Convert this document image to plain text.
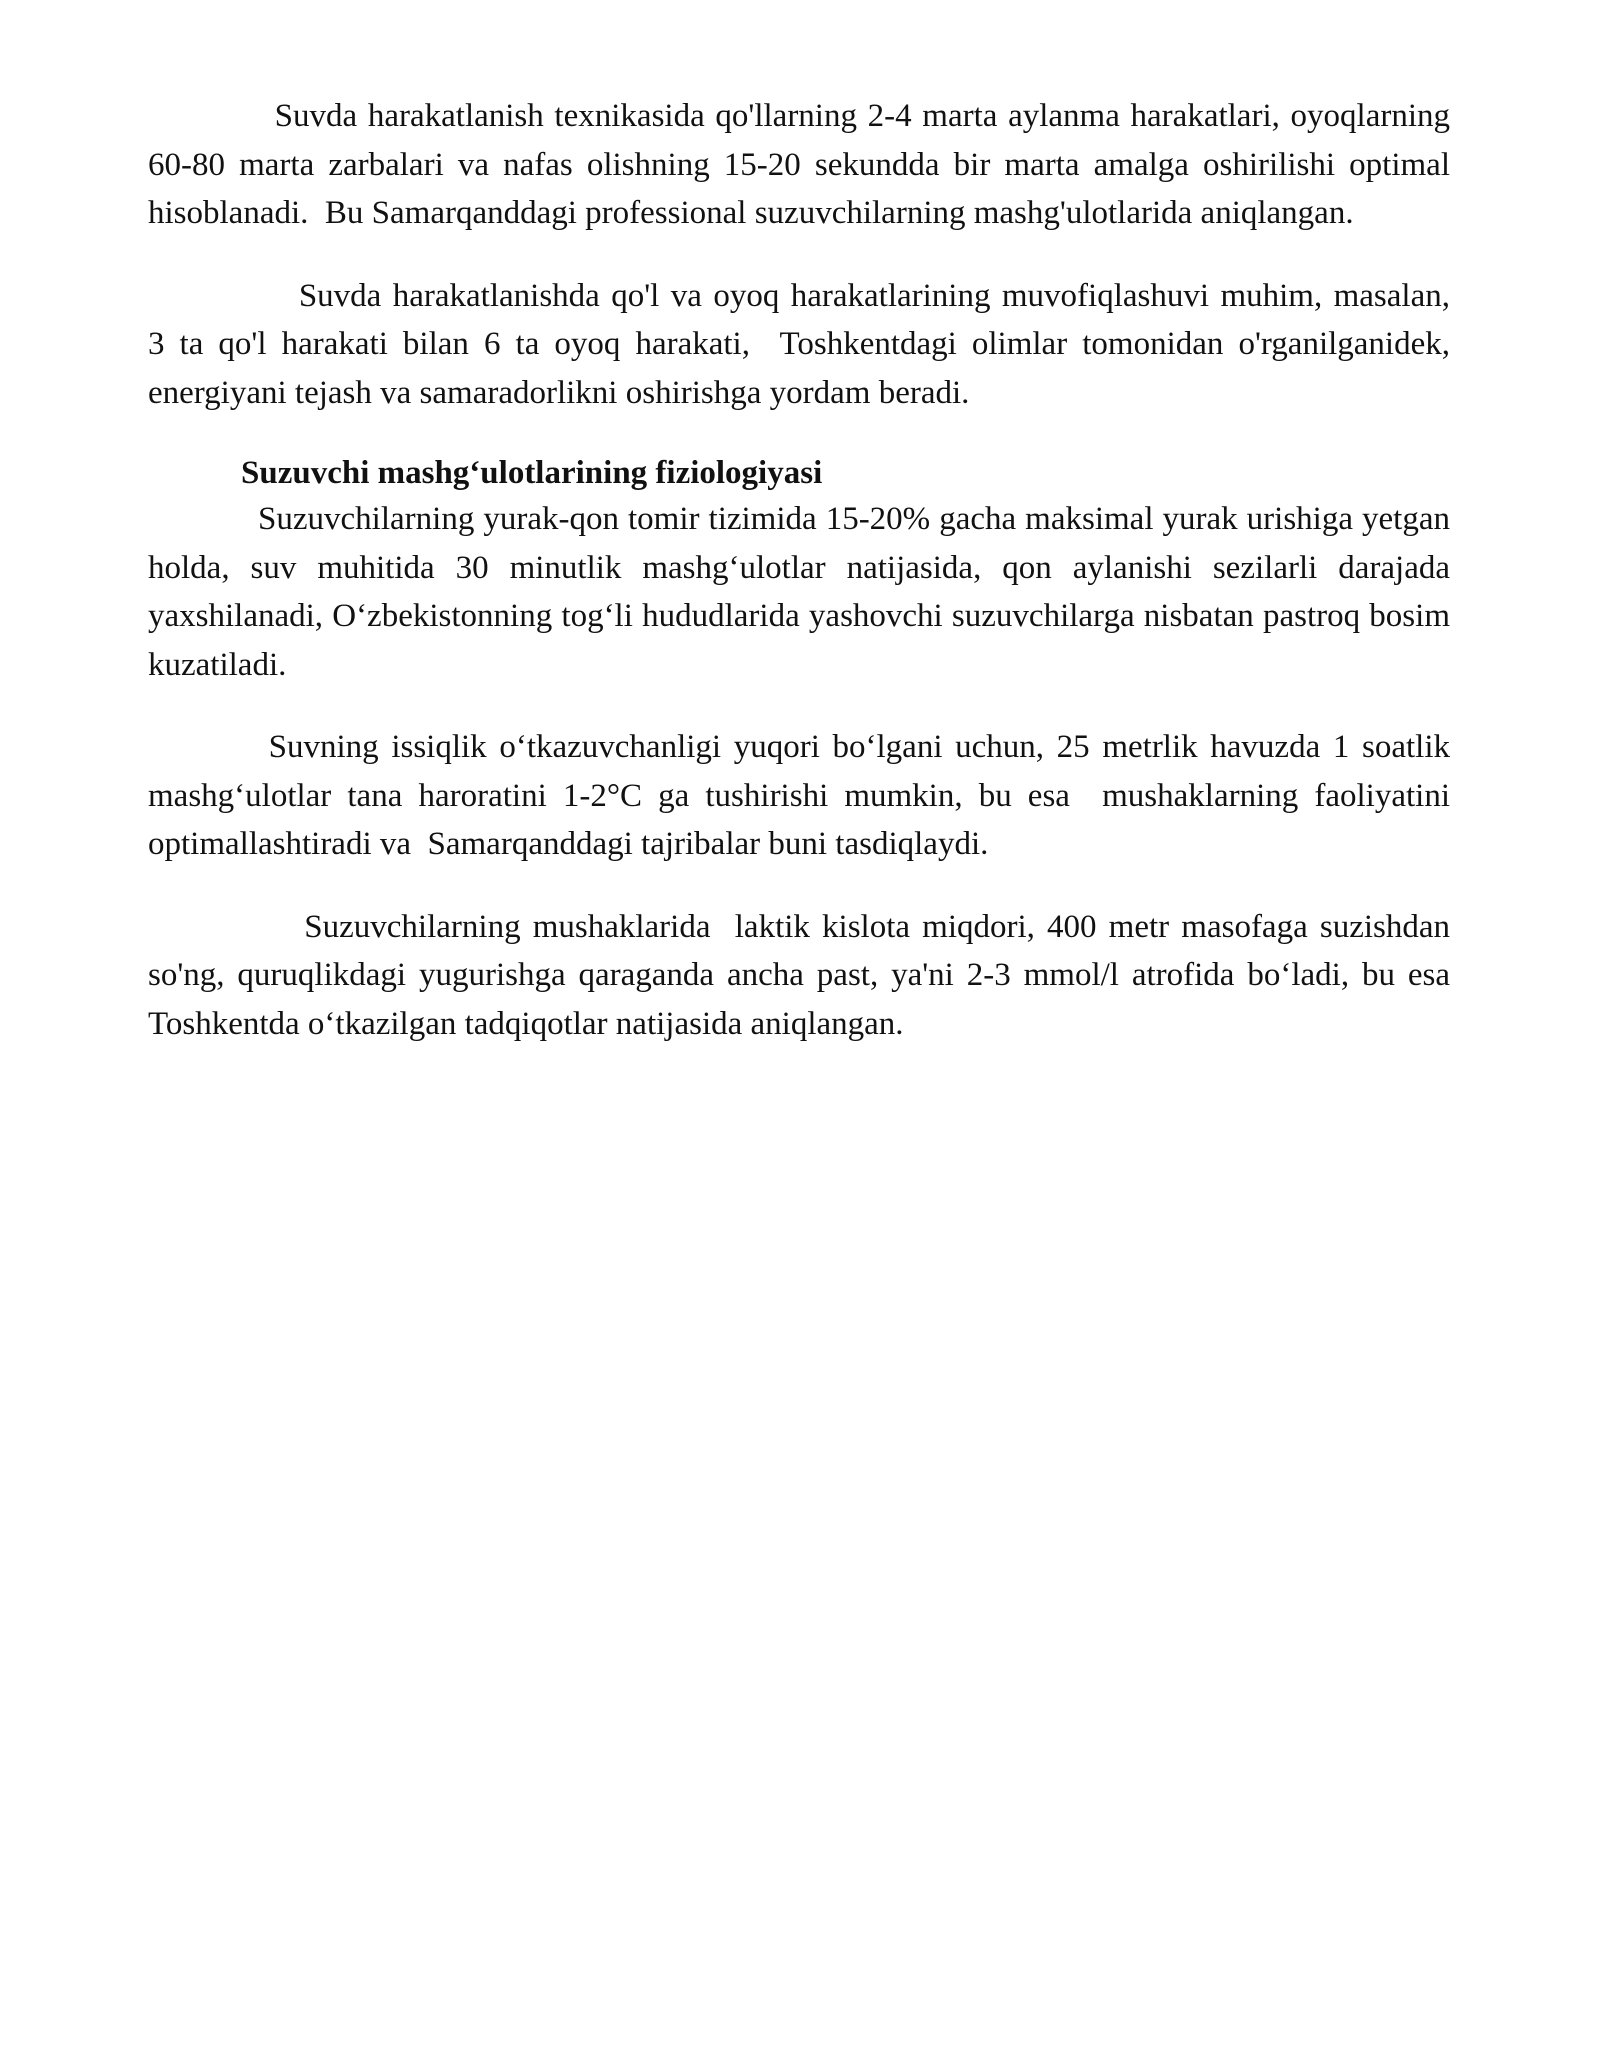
Suvda harakatlanish texnikasida qo'llarning 2-4 marta aylanma harakatlari, oyoqlarning 60-80 marta zarbalari va nafas olishning 15-20 sekundda bir marta amalga oshirilishi optimal hisoblanadi.  Bu Samarqanddagi professional suzuvchilarning mashg'ulotlarida aniqlangan.

Suvda harakatlanishda qo'l va oyoq harakatlarining muvofiqlashuvi muhim, masalan,  3 ta qo'l harakati bilan 6 ta oyoq harakati,  Toshkentdagi olimlar tomonidan o'rganilganidek, energiyani tejash va samaradorlikni oshirishga yordam beradi.

Suzuvchi mashg‘ulotlarining fiziologiyasi

Suzuvchilarning yurak-qon tomir tizimida 15-20% gacha maksimal yurak urishiga yetgan holda, suv muhitida 30 minutlik mashg‘ulotlar natijasida, qon aylanishi sezilarli darajada yaxshilanadi, O‘zbekistonning tog‘li hududlarida yashovchi suzuvchilarga nisbatan pastroq bosim kuzatiladi.

Suvning issiqlik o‘tkazuvchanligi yuqori bo‘lgani uchun, 25 metrlik havuzda 1 soatlik mashg‘ulotlar tana haroratini 1-2°C ga tushirishi mumkin, bu esa  mushaklarning faoliyatini optimallashtiradi va  Samarqanddagi tajribalar buni tasdiqlaydi.

Suzuvchilarning mushaklarida  laktik kislota miqdori, 400 metr masofaga suzishdan so'ng, quruqlikdagi yugurishga qaraganda ancha past, ya'ni 2-3 mmol/l atrofida bo‘ladi, bu esa Toshkentda o‘tkazilgan tadqiqotlar natijasida aniqlangan.
